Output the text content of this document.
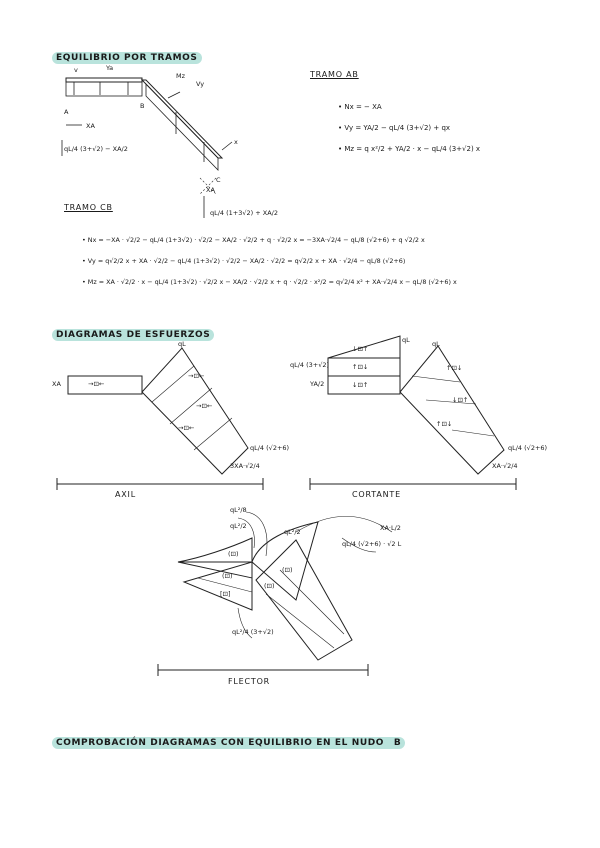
EQUILIBRIO POR TRAMOS
v	Ya
Mz
Vy
A
B
C
XA
x
qL/4 (3+√2) − XA/2
XA
qL/4 (1+3√2) + XA/2
TRAMO AB
• Nx = − XA
• Vy = YA/2 − qL/4 (3+√2) + qx
• Mz = q x²/2 + YA/2 · x − qL/4 (3+√2) x
TRAMO CB
• Nx = −XA · √2/2 − qL/4 (1+3√2) · √2/2 − XA/2 · √2/2 + q · √2/2 x = −3XA·√2/4 − qL/8 (√2+6) + q √2/2 x
• Vy = q√2/2 x + XA · √2/2 − qL/4 (1+3√2) · √2/2 − XA/2 · √2/2 = q√2/2 x + XA · √2/4 − qL/8 (√2+6)
• Mz = XA · √2/2 · x − qL/4 (1+3√2) · √2/2 x − XA/2 · √2/2 x + q · √2/2 · x²/2 = q√2/4 x² + XA·√2/4 x − qL/8 (√2+6) x
DIAGRAMAS DE ESFUERZOS
XA	→⊡←
qL
→⊡←
→⊡←
→⊡←
qL/4 (√2+6)
3XA·√2/4
AXIL
qL	qL
qL/4 (3+√2)
YA/2
↓⊡↑
↑⊡↓
↓⊡↑
↑⊡↓
↓⊡↑
↑⊡↓
qL/4 (√2+6)
XA·√2/4
CORTANTE
qL²/8
qL²/2
qL²/2	XA·L/2
qL/4 (√2+6) · √2 L
qL²/4 (3+√2)
(⊡)
(⊡)
[⊡]
(⊡)
(⊡)
FLECTOR
COMPROBACIÓN DIAGRAMAS CON EQUILIBRIO EN EL NUDO B
